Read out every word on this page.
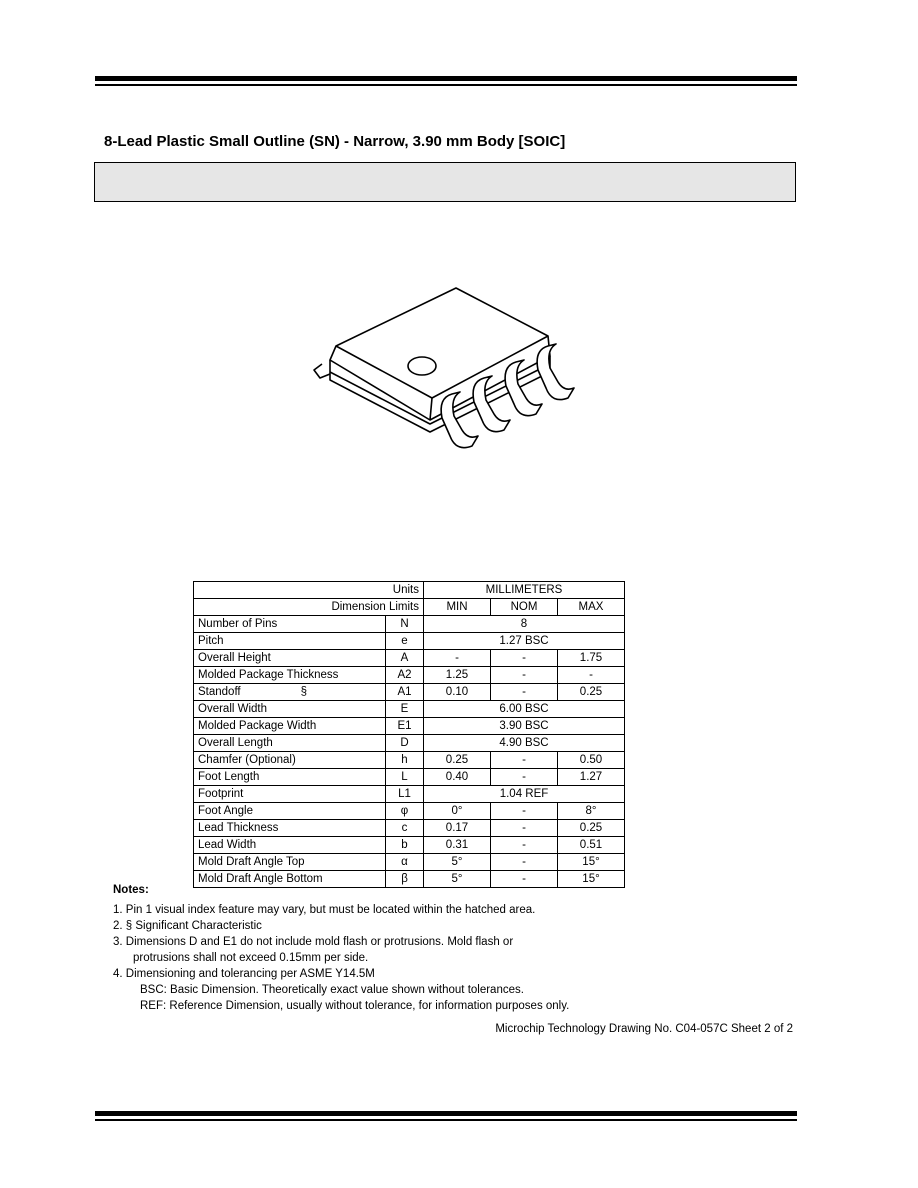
8-Lead Plastic Small Outline (SN) - Narrow, 3.90 mm Body [SOIC]
Units		MILLIMETERS		
Dimension Limits		MIN	NOM	MAX
Number of Pins	N	8		
Pitch	e	1.27 BSC		
Overall Height	A	-	-	1.75
Molded Package Thickness	A2	1.25	-	-
Standoff §	A1	0.10	-	0.25
Overall Width	E	6.00 BSC		
Molded Package Width	E1	3.90 BSC		
Overall Length	D	4.90 BSC		
Chamfer (Optional)	h	0.25	-	0.50
Foot Length	L	0.40	-	1.27
Footprint	L1	1.04 REF		
Foot Angle	φ	0°	-	8°
Lead Thickness	c	0.17	-	0.25
Lead Width	b	0.31	-	0.51
Mold Draft Angle Top	α	5°	-	15°
Mold Draft Angle Bottom	β	5°	-	15°
Notes:
1. Pin 1 visual index feature may vary, but must be located within the hatched area.
2. § Significant Characteristic
3. Dimensions D and E1 do not include mold flash or protrusions. Mold flash or
protrusions shall not exceed 0.15mm per side.
4. Dimensioning and tolerancing per ASME Y14.5M
BSC: Basic Dimension. Theoretically exact value shown without tolerances.
REF: Reference Dimension, usually without tolerance, for information purposes only.
Microchip Technology Drawing No. C04-057C Sheet 2 of 2
